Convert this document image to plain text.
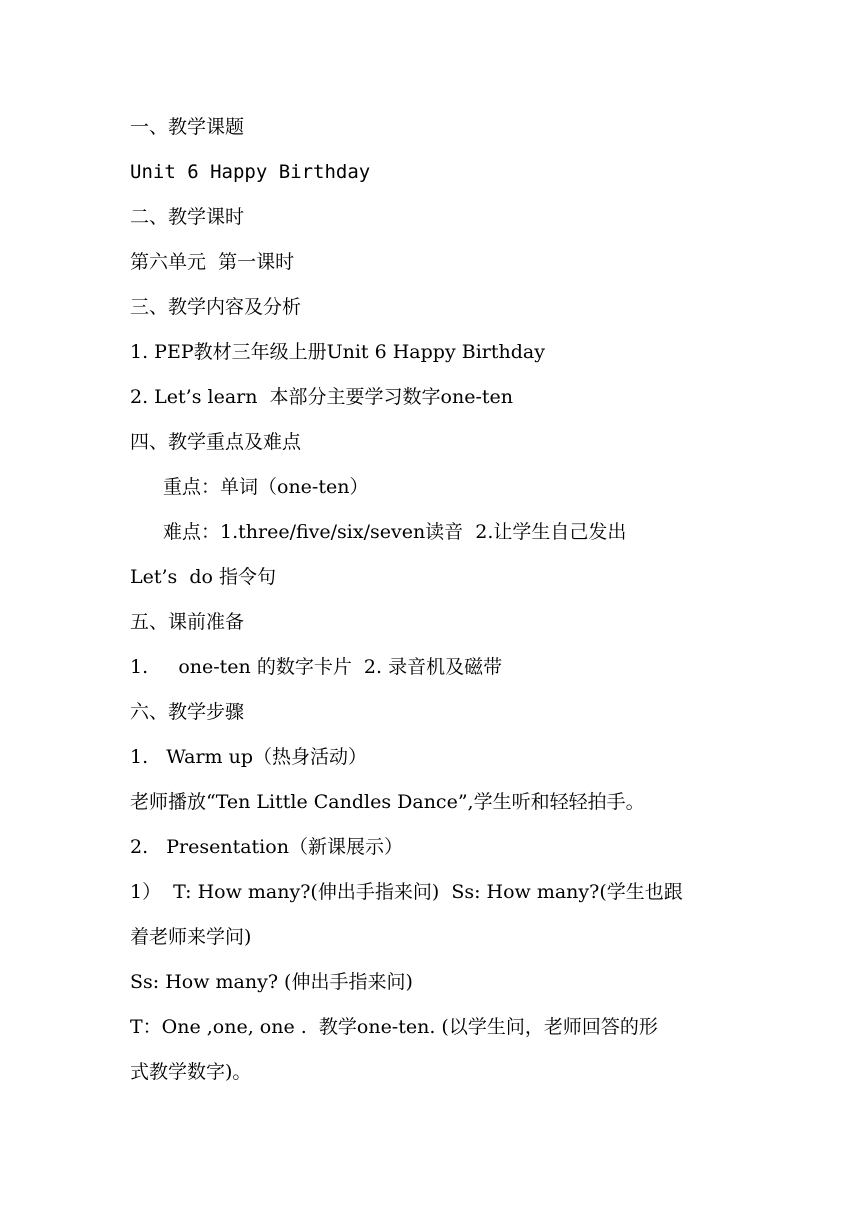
一、教学课题
Unit 6 Happy Birthday
二、教学课时
第六单元  第一课时
三、教学内容及分析
1. PEP教材三年级上册Unit 6 Happy Birthday
2. Let’s learn  本部分主要学习数字one-ten
四、教学重点及难点
重点：单词（one-ten）
难点：1.three/five/six/seven读音  2.让学生自己发出
Let’s  do 指令句
五、课前准备
1.     one-ten 的数字卡片  2. 录音机及磁带
六、教学步骤
1.   Warm up（热身活动）
老师播放“Ten Little Candles Dance”,学生听和轻轻拍手。
2.   Presentation（新课展示）
1）  T: How many?(伸出手指来问)  Ss: How many?(学生也跟
着老师来学问)
Ss: How many? (伸出手指来问)
T：One ,one, one .  教学one-ten. (以学生问，老师回答的形
式教学数字)。
